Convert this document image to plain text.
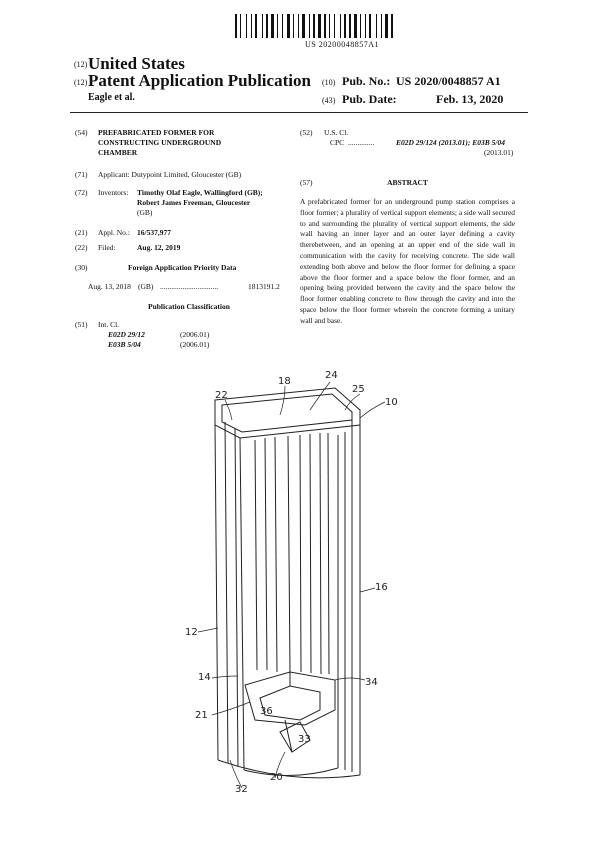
US 20200048857A1
(12) United States
(12) Patent Application Publication
Eagle et al.
(10) Pub. No.: US 2020/0048857 A1
(43) Pub. Date:	Feb. 13, 2020
(54) PREFABRICATED FORMER FOR
CONSTRUCTING UNDERGROUND
CHAMBER
(71) Applicant: Dutypoint Limited, Gloucester (GB)
(72) Inventors: Timothy Olaf Eagle, Wallingford (GB);
Robert James Freeman, Gloucester
(GB)
(21) Appl. No.: 16/537,977
(22) Filed:	Aug. 12, 2019
(30)	Foreign Application Priority Data
Aug. 13, 2018 (GB) ...............................	1813191.2
Publication Classification
(51) Int. Cl.
E02D 29/12	(2006.01)
E03B 5/04	(2006.01)
(52) U.S. Cl.
CPC ..............	E02D 29/124 (2013.01); E03B 5/04
(2013.01)
(57)	ABSTRACT
A prefabricated former for an underground pump station comprises a floor former; a plurality of vertical support elements; a side wall secured to and surrounding the plurality of vertical support elements, the side wall having an inner layer and an outer layer defining a cavity therebetween, and an opening at an upper end of the side wall in communication with the cavity for receiving concrete. The side wall extending both above and below the floor former for defining a space above the floor former and a space below the floor former, and an opening being provided between the cavity and the space below the floor former enabling concrete to flow through the cavity and into the space below the floor former wherein the concrete forming a unitary wall and base.
22
18
24
25
10
16
12
14	34
21	36
33
32
20
